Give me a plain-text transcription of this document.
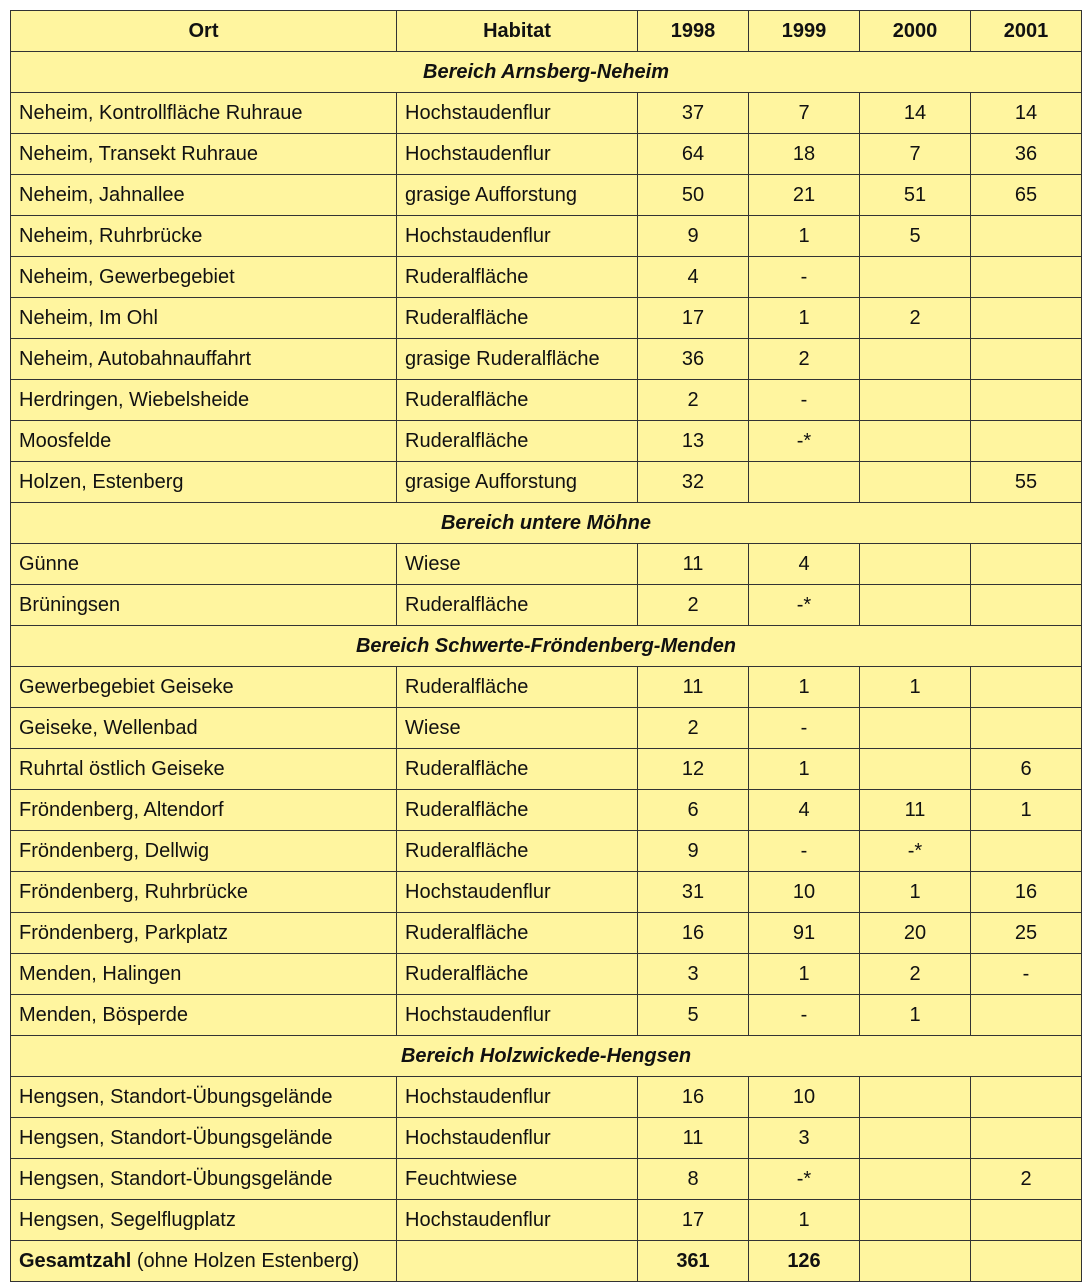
Ort	Habitat	1998	1999	2000	2001
Bereich Arnsberg-Neheim					
Neheim, Kontrollfläche Ruhraue	Hochstaudenflur	37	7	14	14
Neheim, Transekt Ruhraue	Hochstaudenflur	64	18	7	36
Neheim, Jahnallee	grasige Aufforstung	50	21	51	65
Neheim, Ruhrbrücke	Hochstaudenflur	9	1	5	
Neheim, Gewerbegebiet	Ruderalfläche	4	-		
Neheim, Im Ohl	Ruderalfläche	17	1	2	
Neheim, Autobahnauffahrt	grasige Ruderalfläche	36	2		
Herdringen, Wiebelsheide	Ruderalfläche	2	-		
Moosfelde	Ruderalfläche	13	-*		
Holzen, Estenberg	grasige Aufforstung	32			55
Bereich untere Möhne					
Günne	Wiese	11	4		
Brüningsen	Ruderalfläche	2	-*		
Bereich Schwerte-Fröndenberg-Menden					
Gewerbegebiet Geiseke	Ruderalfläche	11	1	1	
Geiseke, Wellenbad	Wiese	2	-		
Ruhrtal östlich Geiseke	Ruderalfläche	12	1		6
Fröndenberg, Altendorf	Ruderalfläche	6	4	11	1
Fröndenberg, Dellwig	Ruderalfläche	9	-	-*	
Fröndenberg, Ruhrbrücke	Hochstaudenflur	31	10	1	16
Fröndenberg, Parkplatz	Ruderalfläche	16	91	20	25
Menden, Halingen	Ruderalfläche	3	1	2	-
Menden, Bösperde	Hochstaudenflur	5	-	1	
Bereich Holzwickede-Hengsen					
Hengsen, Standort-Übungsgelände	Hochstaudenflur	16	10		
Hengsen, Standort-Übungsgelände	Hochstaudenflur	11	3		
Hengsen, Standort-Übungsgelände	Feuchtwiese	8	-*		2
Hengsen, Segelflugplatz	Hochstaudenflur	17	1		
Gesamtzahl (ohne Holzen Estenberg)		361	126		
